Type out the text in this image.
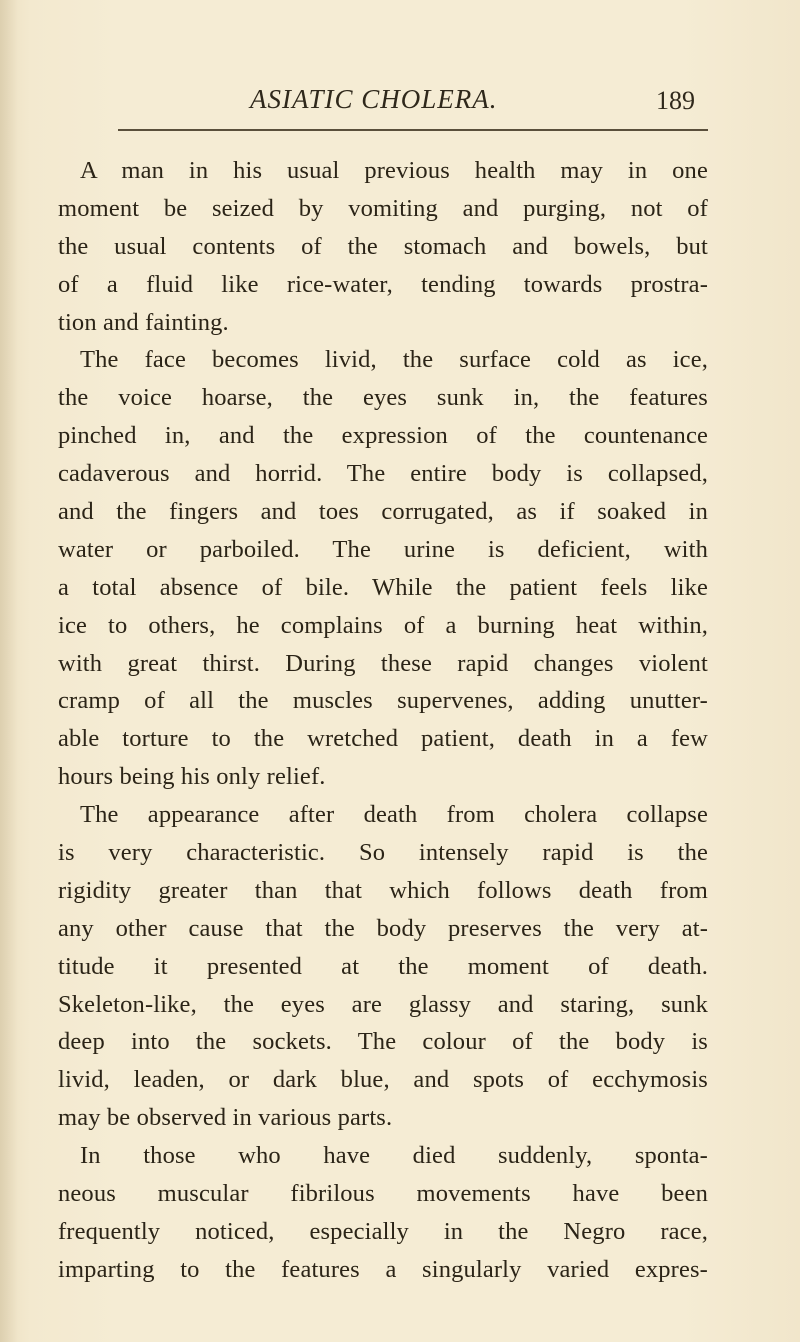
ASIATIC CHOLERA.	189
A man in his usual previous health may in one
moment be seized by vomiting and purging, not of
the usual contents of the stomach and bowels, but
of a fluid like rice-water, tending towards prostra-
tion and fainting.
The face becomes livid, the surface cold as ice,
the voice hoarse, the eyes sunk in, the features
pinched in, and the expression of the countenance
cadaverous and horrid. The entire body is collapsed,
and the fingers and toes corrugated, as if soaked in
water or parboiled. The urine is deficient, with
a total absence of bile. While the patient feels like
ice to others, he complains of a burning heat within,
with great thirst. During these rapid changes violent
cramp of all the muscles supervenes, adding unutter-
able torture to the wretched patient, death in a few
hours being his only relief.
The appearance after death from cholera collapse
is very characteristic. So intensely rapid is the
rigidity greater than that which follows death from
any other cause that the body preserves the very at-
titude it presented at the moment of death.
Skeleton-like, the eyes are glassy and staring, sunk
deep into the sockets. The colour of the body is
livid, leaden, or dark blue, and spots of ecchymosis
may be observed in various parts.
In those who have died suddenly, sponta-
neous muscular fibrilous movements have been
frequently noticed, especially in the Negro race,
imparting to the features a singularly varied expres-
